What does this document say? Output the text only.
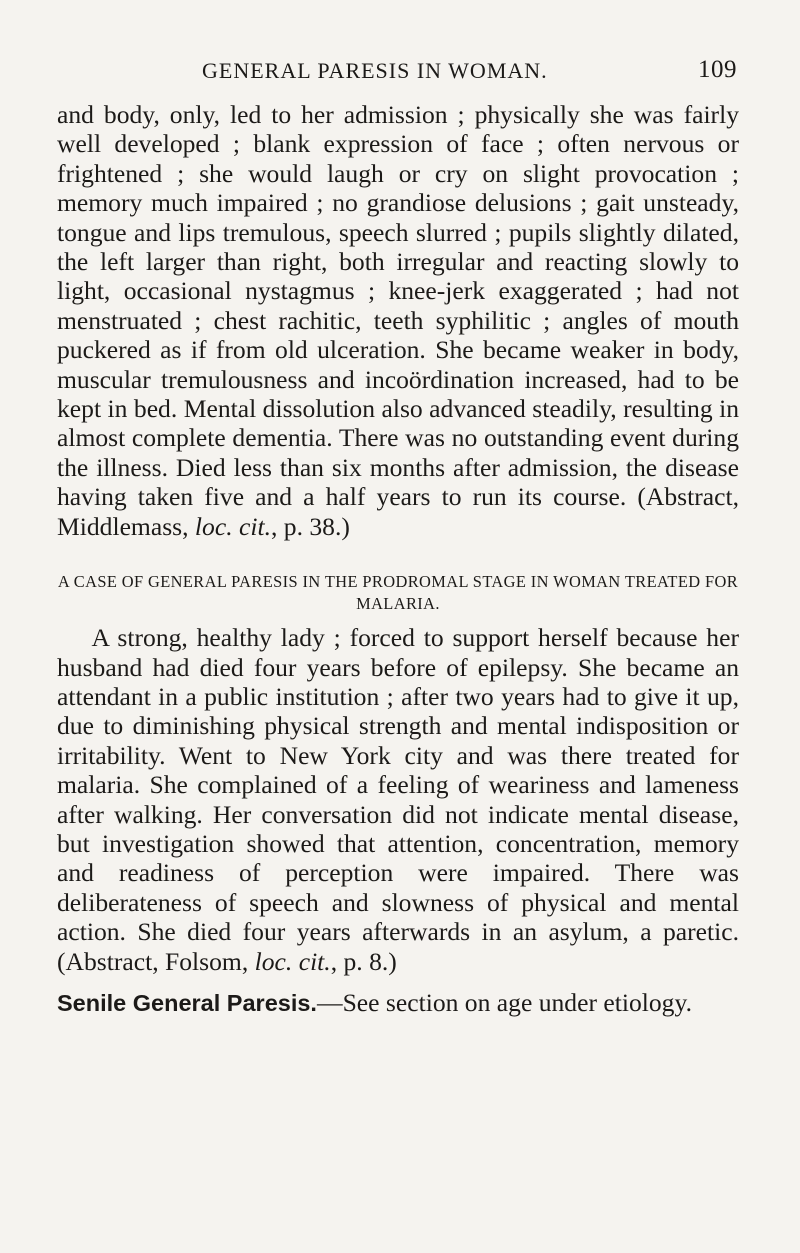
GENERAL PARESIS IN WOMAN.	109

and body, only, led to her admission ; physically she was fairly well developed ; blank expression of face ; often nervous or frightened ; she would laugh or cry on slight provocation ; memory much impaired ; no grandiose delusions ; gait unsteady, tongue and lips tremulous, speech slurred ; pupils slightly dilated, the left larger than right, both irregular and reacting slowly to light, occasional nystagmus ; knee-jerk exaggerated ; had not menstruated ; chest rachitic, teeth syphilitic ; angles of mouth puckered as if from old ulceration. She became weaker in body, muscular tremulousness and incoördination increased, had to be kept in bed. Mental dissolution also advanced steadily, resulting in almost complete dementia. There was no outstanding event during the illness. Died less than six months after admission, the disease having taken five and a half years to run its course. (Abstract, Middlemass, loc. cit., p. 38.)

A CASE OF GENERAL PARESIS IN THE PRODROMAL STAGE IN WOMAN TREATED FOR MALARIA.

A strong, healthy lady ; forced to support herself because her husband had died four years before of epilepsy. She became an attendant in a public institution ; after two years had to give it up, due to diminishing physical strength and mental indisposition or irritability. Went to New York city and was there treated for malaria. She complained of a feeling of weariness and lameness after walking. Her conversation did not indicate mental disease, but investigation showed that attention, concentration, memory and readiness of perception were impaired. There was deliberateness of speech and slowness of physical and mental action. She died four years afterwards in an asylum, a paretic. (Abstract, Folsom, loc. cit., p. 8.)

Senile General Paresis.—See section on age under etiology.
